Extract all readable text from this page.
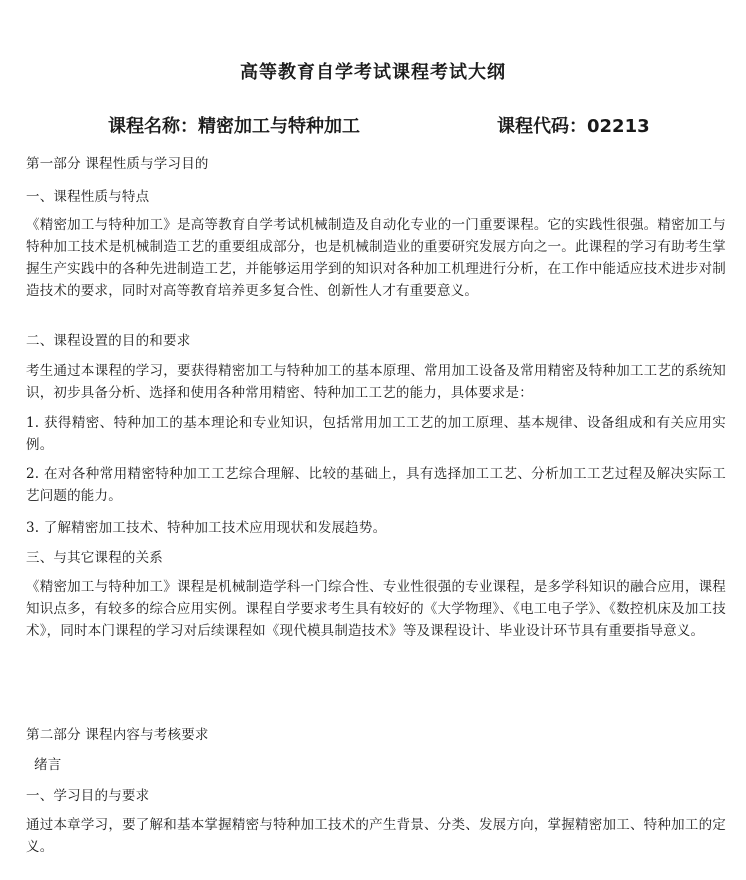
高等教育自学考试课程考试大纲
课程名称：精密加工与特种加工	课程代码：02213
第一部分 课程性质与学习目的
一、课程性质与特点
《精密加工与特种加工》是高等教育自学考试机械制造及自动化专业的一门重要课程。它的实践性很强。精密加工与特种加工技术是机械制造工艺的重要组成部分，也是机械制造业的重要研究发展方向之一。此课程的学习有助考生掌握生产实践中的各种先进制造工艺，并能够运用学到的知识对各种加工机理进行分析，在工作中能适应技术进步对制造技术的要求，同时对高等教育培养更多复合性、创新性人才有重要意义。
二、课程设置的目的和要求
考生通过本课程的学习，要获得精密加工与特种加工的基本原理、常用加工设备及常用精密及特种加工工艺的系统知识，初步具备分析、选择和使用各种常用精密、特种加工工艺的能力，具体要求是：
1. 获得精密、特种加工的基本理论和专业知识，包括常用加工工艺的加工原理、基本规律、设备组成和有关应用实例。
2. 在对各种常用精密特种加工工艺综合理解、比较的基础上，具有选择加工工艺、分析加工工艺过程及解决实际工艺问题的能力。
3. 了解精密加工技术、特种加工技术应用现状和发展趋势。
三、与其它课程的关系
《精密加工与特种加工》课程是机械制造学科一门综合性、专业性很强的专业课程，是多学科知识的融合应用，课程知识点多，有较多的综合应用实例。课程自学要求考生具有较好的《大学物理》、《电工电子学》、《数控机床及加工技术》，同时本门课程的学习对后续课程如《现代模具制造技术》等及课程设计、毕业设计环节具有重要指导意义。
第二部分 课程内容与考核要求
绪言
一、学习目的与要求
通过本章学习，要了解和基本掌握精密与特种加工技术的产生背景、分类、发展方向，掌握精密加工、特种加工的定义。
